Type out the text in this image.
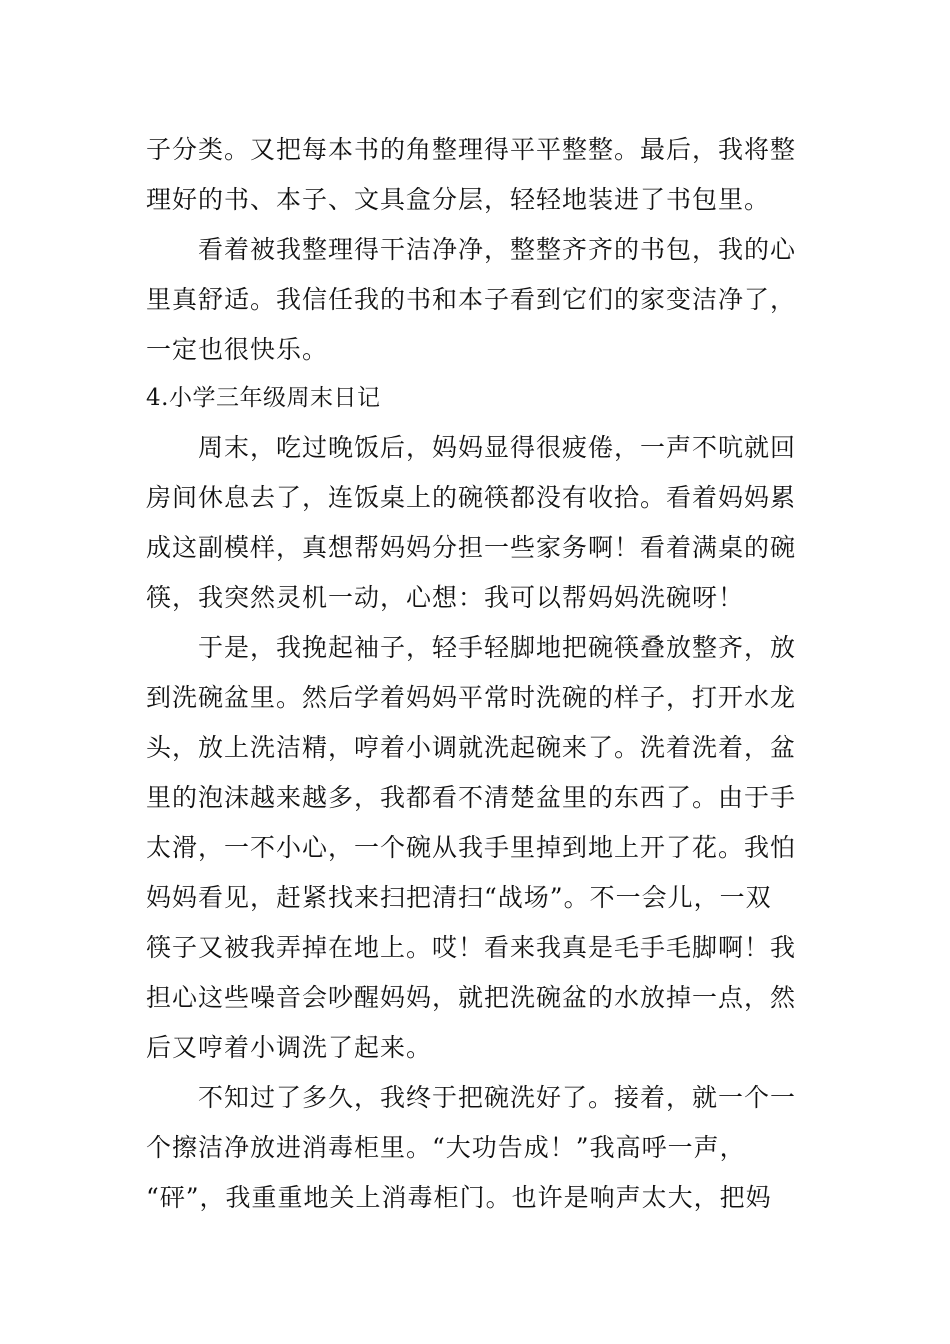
子分类。又把每本书的角整理得平平整整。最后，我将整
理好的书、本子、文具盒分层，轻轻地装进了书包里。
　　看着被我整理得干洁净净，整整齐齐的书包，我的心
里真舒适。我信任我的书和本子看到它们的家变洁净了，
一定也很快乐。
4.小学三年级周末日记
　　周末，吃过晚饭后，妈妈显得很疲倦，一声不吭就回
房间休息去了，连饭桌上的碗筷都没有收拾。看着妈妈累
成这副模样，真想帮妈妈分担一些家务啊！看着满桌的碗
筷，我突然灵机一动，心想：我可以帮妈妈洗碗呀！
　　于是，我挽起袖子，轻手轻脚地把碗筷叠放整齐，放
到洗碗盆里。然后学着妈妈平常时洗碗的样子，打开水龙
头，放上洗洁精，哼着小调就洗起碗来了。洗着洗着，盆
里的泡沫越来越多，我都看不清楚盆里的东西了。由于手
太滑，一不小心，一个碗从我手里掉到地上开了花。我怕
妈妈看见，赶紧找来扫把清扫“战场”。不一会儿，一双
筷子又被我弄掉在地上。哎！看来我真是毛手毛脚啊！我
担心这些噪音会吵醒妈妈，就把洗碗盆的水放掉一点，然
后又哼着小调洗了起来。
　　不知过了多久，我终于把碗洗好了。接着，就一个一
个擦洁净放进消毒柜里。“大功告成！”我高呼一声，
“砰”，我重重地关上消毒柜门。也许是响声太大，把妈
